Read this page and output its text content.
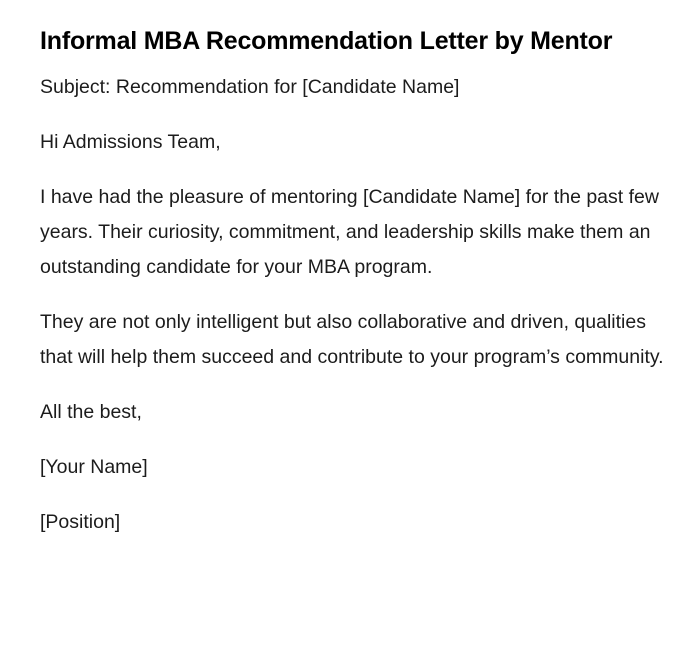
Informal MBA Recommendation Letter by Mentor

Subject: Recommendation for [Candidate Name]

Hi Admissions Team,

I have had the pleasure of mentoring [Candidate Name] for the past few years. Their curiosity, commitment, and leadership skills make them an outstanding candidate for your MBA program.

They are not only intelligent but also collaborative and driven, qualities that will help them succeed and contribute to your program’s community.

All the best,

[Your Name]

[Position]
